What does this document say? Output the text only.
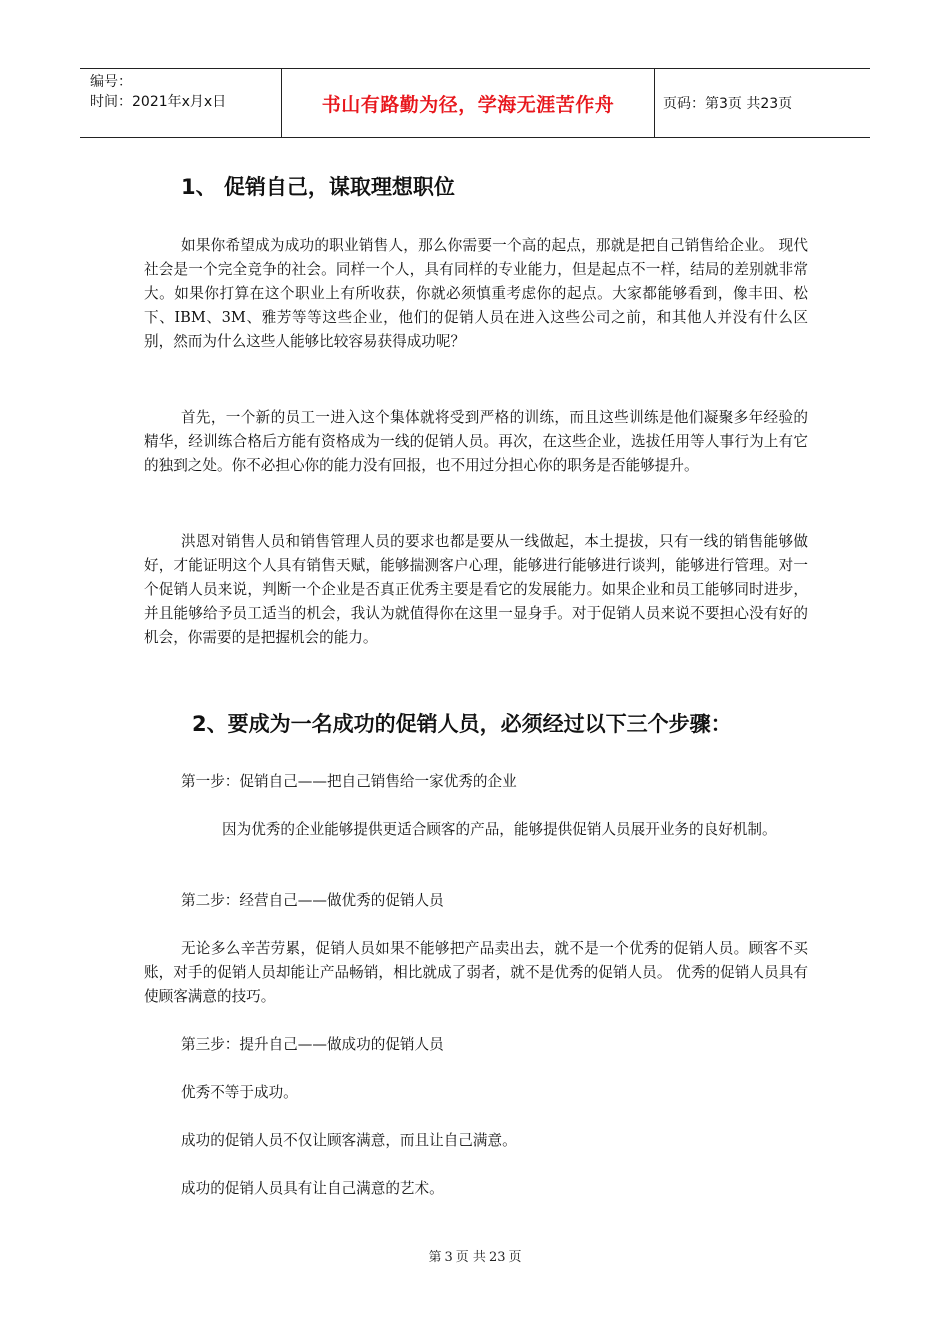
编号：
时间：2021年x月x日	书山有路勤为径，学海无涯苦作舟	页码：第3页 共23页
1、 促销自己，谋取理想职位

如果你希望成为成功的职业销售人，那么你需要一个高的起点，那就是把自己销售给企业。 现代社会是一个完全竞争的社会。同样一个人，具有同样的专业能力，但是起点不一样，结局的差别就非常大。如果你打算在这个职业上有所收获，你就必须慎重考虑你的起点。大家都能够看到，像丰田、松下、IBM、3M、雅芳等等这些企业，他们的促销人员在进入这些公司之前，和其他人并没有什么区别，然而为什么这些人能够比较容易获得成功呢？

首先，一个新的员工一进入这个集体就将受到严格的训练，而且这些训练是他们凝聚多年经验的精华，经训练合格后方能有资格成为一线的促销人员。再次，在这些企业，选拔任用等人事行为上有它的独到之处。你不必担心你的能力没有回报，也不用过分担心你的职务是否能够提升。

洪恩对销售人员和销售管理人员的要求也都是要从一线做起，本土提拔，只有一线的销售能够做好，才能证明这个人具有销售天赋，能够揣测客户心理，能够进行能够进行谈判，能够进行管理。对一个促销人员来说，判断一个企业是否真正优秀主要是看它的发展能力。如果企业和员工能够同时进步，并且能够给予员工适当的机会，我认为就值得你在这里一显身手。对于促销人员来说不要担心没有好的机会，你需要的是把握机会的能力。

2、要成为一名成功的促销人员，必须经过以下三个步骤：
第一步：促销自己——把自己销售给一家优秀的企业

因为优秀的企业能够提供更适合顾客的产品，能够提供促销人员展开业务的良好机制。

第二步：经营自己——做优秀的促销人员

无论多么辛苦劳累，促销人员如果不能够把产品卖出去，就不是一个优秀的促销人员。顾客不买账，对手的促销人员却能让产品畅销，相比就成了弱者，就不是优秀的促销人员。 优秀的促销人员具有使顾客满意的技巧。

第三步：提升自己——做成功的促销人员
优秀不等于成功。
成功的促销人员不仅让顾客满意，而且让自己满意。
成功的促销人员具有让自己满意的艺术。
第 3 页 共 23 页
